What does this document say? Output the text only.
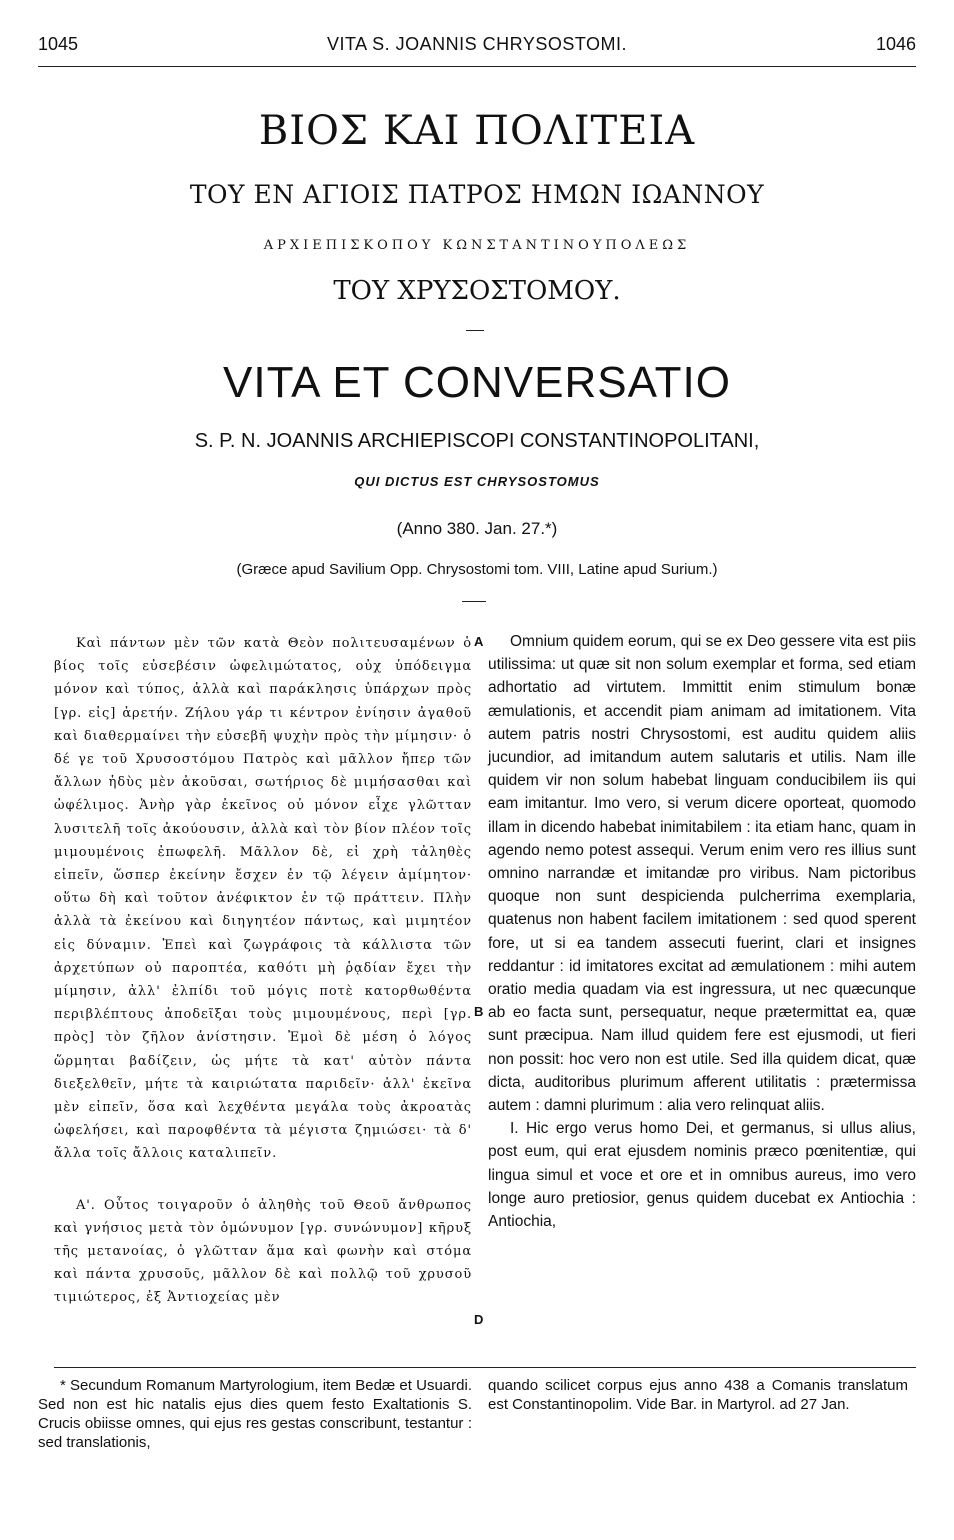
1045	VITA S. JOANNIS CHRYSOSTOMI.	1046
ΒΙΟΣ ΚΑΙ ΠΟΛΙΤΕΙΑ
ΤΟΥ ΕΝ ΑΓΙΟΙΣ ΠΑΤΡΟΣ ΗΜΩΝ ΙΩΑΝΝΟΥ
ΑΡΧΙΕΠΙΣΚΟΠΟΥ ΚΩΝΣΤΑΝΤΙΝΟΥΠΟΛΕΩΣ
ΤΟΥ ΧΡΥΣΟΣΤΟΜΟΥ.
VITA ET CONVERSATIO
S. P. N. JOANNIS ARCHIEPISCOPI CONSTANTINOPOLITANI,
QUI DICTUS EST CHRYSOSTOMUS
(Anno 380. Jan. 27.*)
(Græce apud Savilium Opp. Chrysostomi tom. VIII, Latine apud Surium.)

Καὶ πάντων μὲν τῶν κατὰ Θεὸν πολιτευσαμένων ὁ βίος τοῖς εὐσεβέσιν ὠφελιμώτατος, οὐχ ὑπόδειγμα μόνον καὶ τύπος, ἀλλὰ καὶ παράκλησις ὑπάρχων πρὸς [γρ. εἰς] ἀρετήν. Ζήλου γάρ τι κέντρον ἐνίησιν ἀγαθοῦ καὶ διαθερμαίνει τὴν εὐσεβῆ ψυχὴν πρὸς τὴν μίμησιν· ὁ δέ γε τοῦ Χρυσοστόμου Πατρὸς καὶ μᾶλλον ἤπερ τῶν ἄλλων ἡδὺς μὲν ἀκοῦσαι, σωτήριος δὲ μιμήσασθαι καὶ ὠφέλιμος. Ἀνὴρ γὰρ ἐκεῖνος οὐ μόνον εἶχε γλῶτταν λυσιτελῆ τοῖς ἀκούουσιν, ἀλλὰ καὶ τὸν βίον πλέον τοῖς μιμουμένοις ἐπωφελῆ. Μᾶλλον δὲ, εἰ χρὴ τἀληθὲς εἰπεῖν, ὥσπερ ἐκείνην ἔσχεν ἐν τῷ λέγειν ἀμίμητον· οὕτω δὴ καὶ τοῦτον ἀνέφικτον ἐν τῷ πράττειν. Πλὴν ἀλλὰ τὰ ἐκείνου καὶ διηγητέον πάντως, καὶ μιμητέον εἰς δύναμιν. Ἐπεὶ καὶ ζωγράφοις τὰ κάλλιστα τῶν ἀρχετύπων οὐ παροπτέα, καθότι μὴ ῥᾳδίαν ἔχει τὴν μίμησιν, ἀλλ' ἐλπίδι τοῦ μόγις ποτὲ κατορθωθέντα περιβλέπτους ἀποδεῖξαι τοὺς μιμουμένους, περὶ [γρ. πρὸς] τὸν ζῆλον ἀνίστησιν. Ἐμοὶ δὲ μέση ὁ λόγος ὥρμηται βαδίζειν, ὡς μήτε τὰ κατ' αὐτὸν πάντα διεξελθεῖν, μήτε τὰ καιριώτατα παριδεῖν· ἀλλ' ἐκεῖνα μὲν εἰπεῖν, ὅσα καὶ λεχθέντα μεγάλα τοὺς ἀκροατὰς ὠφελήσει, καὶ παροφθέντα τὰ μέγιστα ζημιώσει· τὰ δ' ἄλλα τοῖς ἄλλοις καταλιπεῖν.

Α'. Οὗτος τοιγαροῦν ὁ ἀληθὴς τοῦ Θεοῦ ἄνθρωπος καὶ γνήσιος μετὰ τὸν ὁμώνυμον [γρ. συνώνυμον] κῆρυξ τῆς μετανοίας, ὁ γλῶτταν ἅμα καὶ φωνὴν καὶ στόμα καὶ πάντα χρυσοῦς, μᾶλλον δὲ καὶ πολλῷ τοῦ χρυσοῦ τιμιώτερος, ἐξ Ἀντιοχείας μὲν

A
B
D

Omnium quidem eorum, qui se ex Deo gessere vita est piis utilissima: ut quæ sit non solum exemplar et forma, sed etiam adhortatio ad virtutem. Immittit enim stimulum bonæ æmulationis, et accendit piam animam ad imitationem. Vita autem patris nostri Chrysostomi, est auditu quidem aliis jucundior, ad imitandum autem salutaris et utilis. Nam ille quidem vir non solum habebat linguam conducibilem iis qui eam imitantur. Imo vero, si verum dicere oporteat, quomodo illam in dicendo habebat inimitabilem : ita etiam hanc, quam in agendo nemo potest assequi. Verum enim vero res illius sunt omnino narrandæ et imitandæ pro viribus. Nam pictoribus quoque non sunt despicienda pulcherrima exemplaria, quatenus non habent facilem imitationem : sed quod sperent fore, ut si ea tandem assecuti fuerint, clari et insignes reddantur : id imitatores excitat ad æmulationem : mihi autem oratio media quadam via est ingressura, ut nec quæcunque ab eo facta sunt, persequatur, neque prætermittat ea, quæ sunt præcipua. Nam illud quidem fere est ejusmodi, ut fieri non possit: hoc vero non est utile. Sed illa quidem dicat, quæ dicta, auditoribus plurimum afferent utilitatis : prætermissa autem : damni plurimum : alia vero relinquat aliis.

I. Hic ergo verus homo Dei, et germanus, si ullus alius, post eum, qui erat ejusdem nominis præco pœnitentiæ, qui lingua simul et voce et ore et in omnibus aureus, imo vero longe auro pretiosior, genus quidem ducebat ex Antiochia : Antiochia,

* Secundum Romanum Martyrologium, item Bedæ et Usuardi. Sed non est hic natalis ejus dies quem festo Exaltationis S. Crucis obiisse omnes, qui ejus res gestas conscribunt, testantur : sed translationis,

quando scilicet corpus ejus anno 438 a Comanis translatum est Constantinopolim. Vide Bar. in Martyrol. ad 27 Jan.
